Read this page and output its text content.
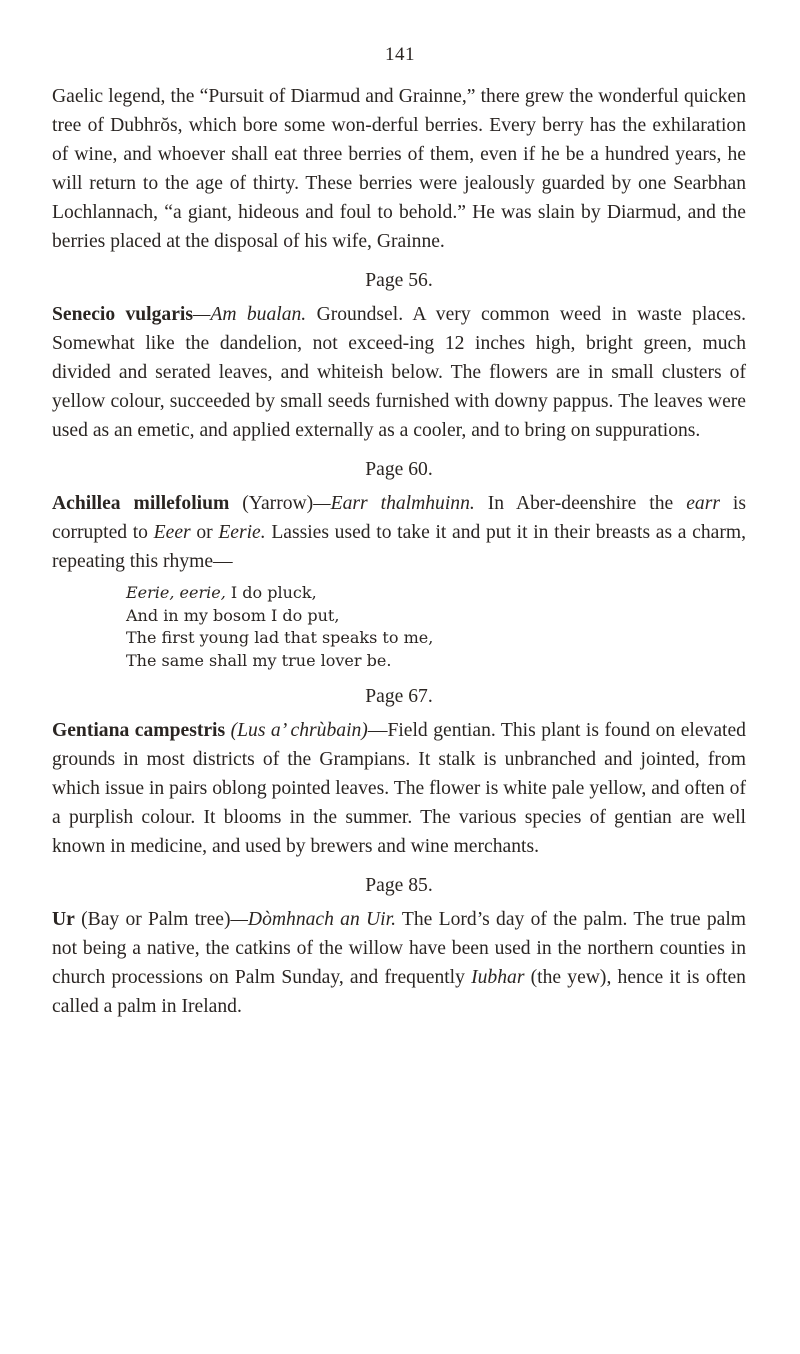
141

Gaelic legend, the “Pursuit of Diarmud and Grainne,” there grew the wonderful quicken tree of Dubhrŏs, which bore some won-derful berries. Every berry has the exhilaration of wine, and whoever shall eat three berries of them, even if he be a hundred years, he will return to the age of thirty. These berries were jealously guarded by one Searbhan Lochlannach, “a giant, hideous and foul to behold.” He was slain by Diarmud, and the berries placed at the disposal of his wife, Grainne.

Page 56.

Senecio vulgaris—Am bualan. Groundsel. A very common weed in waste places. Somewhat like the dandelion, not exceed-ing 12 inches high, bright green, much divided and serated leaves, and whiteish below. The flowers are in small clusters of yellow colour, succeeded by small seeds furnished with downy pappus. The leaves were used as an emetic, and applied externally as a cooler, and to bring on suppurations.

Page 60.

Achillea millefolium (Yarrow)—Earr thalmhuinn. In Aber-deenshire the earr is corrupted to Eeer or Eerie. Lassies used to take it and put it in their breasts as a charm, repeating this rhyme—

Eerie, eerie, I do pluck,
And in my bosom I do put,
The first young lad that speaks to me,
The same shall my true lover be.
Page 67.

Gentiana campestris (Lus a’ chrùbain)—Field gentian. This plant is found on elevated grounds in most districts of the Grampians. It stalk is unbranched and jointed, from which issue in pairs oblong pointed leaves. The flower is white pale yellow, and often of a purplish colour. It blooms in the summer. The various species of gentian are well known in medicine, and used by brewers and wine merchants.

Page 85.

Ur (Bay or Palm tree)—Dòmhnach an Uir. The Lord’s day of the palm. The true palm not being a native, the catkins of the willow have been used in the northern counties in church processions on Palm Sunday, and frequently Iubhar (the yew), hence it is often called a palm in Ireland.
